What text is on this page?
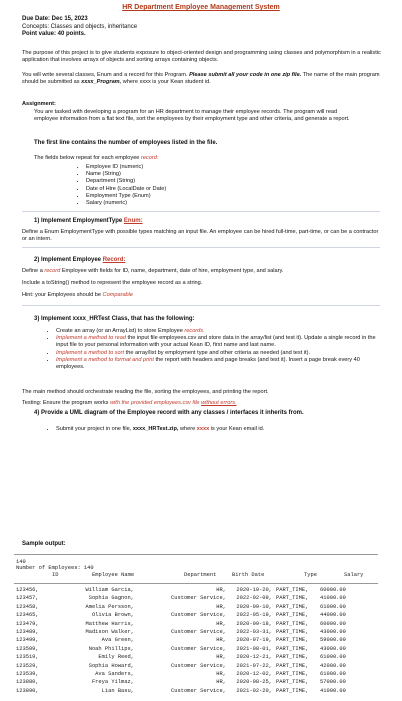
HR Department Employee Management System
Due Date: Dec 15, 2023
Concepts: Classes and objects, inheritance
Point value: 40 points.
The purpose of this project is to give students exposure to object-oriented design and programming using classes and polymorphism in a realistic application that involves arrays of objects and sorting arrays containing objects.
You will write several classes, Enum and a record for this Program. Please submit all your code in one zip file. The name of the main program should be submitted as xxxx_Program, where xxxx is your Kean student id.
Assignment:
You are tasked with developing a program for an HR department to manage their employee records. The program will read employee information from a flat text file, sort the employees by their employment type and other criteria, and generate a report.
The first line contains the number of employees listed in the file.
The fields below repeat for each employee record:
• Employee ID (numeric)
• Name (String)
• Department (String)
• Date of Hire (LocalDate or Date)
• Employment Type (Enum)
• Salary (numeric)
1) Implement EmploymentType Enum:
Define a Enum EmploymentType with possible types matching an input file. An employee can be hired full-time, part-time, or can be a contractor or an intern.
2) Implement Employee Record:
Define a record Employee with fields for ID, name, department, date of hire, employment type, and salary.
Include a toString() method to represent the employee record as a string.
Hint: your Employees should be Comparable
3) Implement xxxx_HRTest Class, that has the following:
• Create an array (or an ArrayList) to store Employee records.
• Implement a method to read the input file employees.csv and store data in the array/list (and test it). Update a single record in the input file to your personal information with your actual Kean ID, first name and last name.
• Implement a method to sort the array/list by employment type and other criteria as needed (and test it).
• Implement a method to format and print the report with headers and page breaks (and test it). Insert a page break every 40 employees.
The main method should orchestrate reading the file, sorting the employees, and printing the report.
Testing: Ensure the program works with the provided employees.csv file without errors.
4) Provide a UML diagram of the Employee record with any classes / interfaces it inherits from.
• Submit your project in one file, xxxx_HRTest.zip, where xxxx is your Kean email id.
Sample output:
140
Number of Employees: 140
ID	Employee Name	Department	Birth Date	Type	Salary
123456,	William Garcia,	HR,	2020-10-20, PART_TIME, 60000.00
123457,	Sophia Gagnon,	Customer Service,	2022-02-09, PART_TIME, 41000.00
123458,	Amelia Persson,	HR,	2020-09-10, PART_TIME, 61000.00
123465,	Olivia Brown,	Customer Service,	2022-05-19, PART_TIME, 44000.00
123479,	Matthew Harris,	HR,	2020-09-18, PART_TIME, 60000.00
123489,	Madison Walker,	Customer Service,	2022-03-31, PART_TIME, 43000.00
123499,	Ava Green,	HR,	2020-07-19, PART_TIME, 59000.00
123509,	Noah Phillips,	Customer Service,	2021-08-01, PART_TIME, 43000.00
123519,	Emily Reed,	HR,	2020-12-21, PART_TIME, 61000.00
123529,	Sophia Howard,	Customer Service,	2021-07-22, PART_TIME, 42000.00
123539,	Ava Sanders,	HR,	2020-12-02, PART_TIME, 61000.00
123880,	Freya Yilmaz,	HR,	2020-08-25, PART_TIME, 57000.00
123890,	Lian Basu,	Customer Service,	2021-02-20, PART_TIME, 41000.00
